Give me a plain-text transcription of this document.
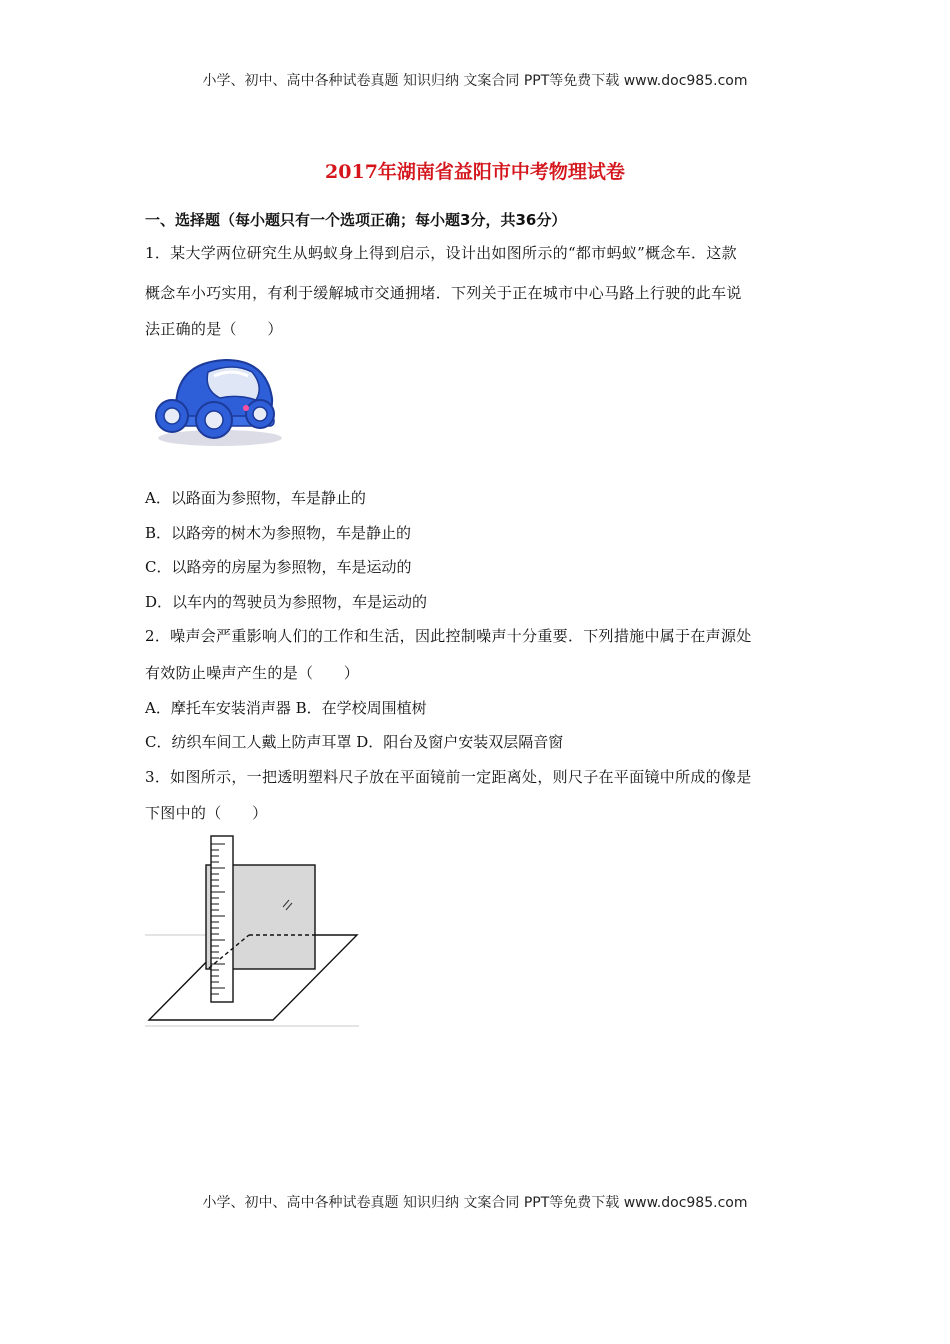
小学、初中、高中各种试卷真题 知识归纳 文案合同 PPT等免费下载 www.doc985.com
2017年湖南省益阳市中考物理试卷
一、选择题（每小题只有一个选项正确；每小题3分，共36分）
1．某大学两位研究生从蚂蚁身上得到启示，设计出如图所示的“都市蚂蚁”概念车．这款
概念车小巧实用，有利于缓解城市交通拥堵．下列关于正在城市中心马路上行驶的此车说
法正确的是（　　）
A．以路面为参照物，车是静止的
B．以路旁的树木为参照物，车是静止的
C．以路旁的房屋为参照物，车是运动的
D．以车内的驾驶员为参照物，车是运动的
2．噪声会严重影响人们的工作和生活，因此控制噪声十分重要．下列措施中属于在声源处
有效防止噪声产生的是（　　）
A．摩托车安装消声器 B．在学校周围植树
C．纺织车间工人戴上防声耳罩 D．阳台及窗户安装双层隔音窗
3．如图所示，一把透明塑料尺子放在平面镜前一定距离处，则尺子在平面镜中所成的像是
下图中的（　　）
小学、初中、高中各种试卷真题 知识归纳 文案合同 PPT等免费下载 www.doc985.com
